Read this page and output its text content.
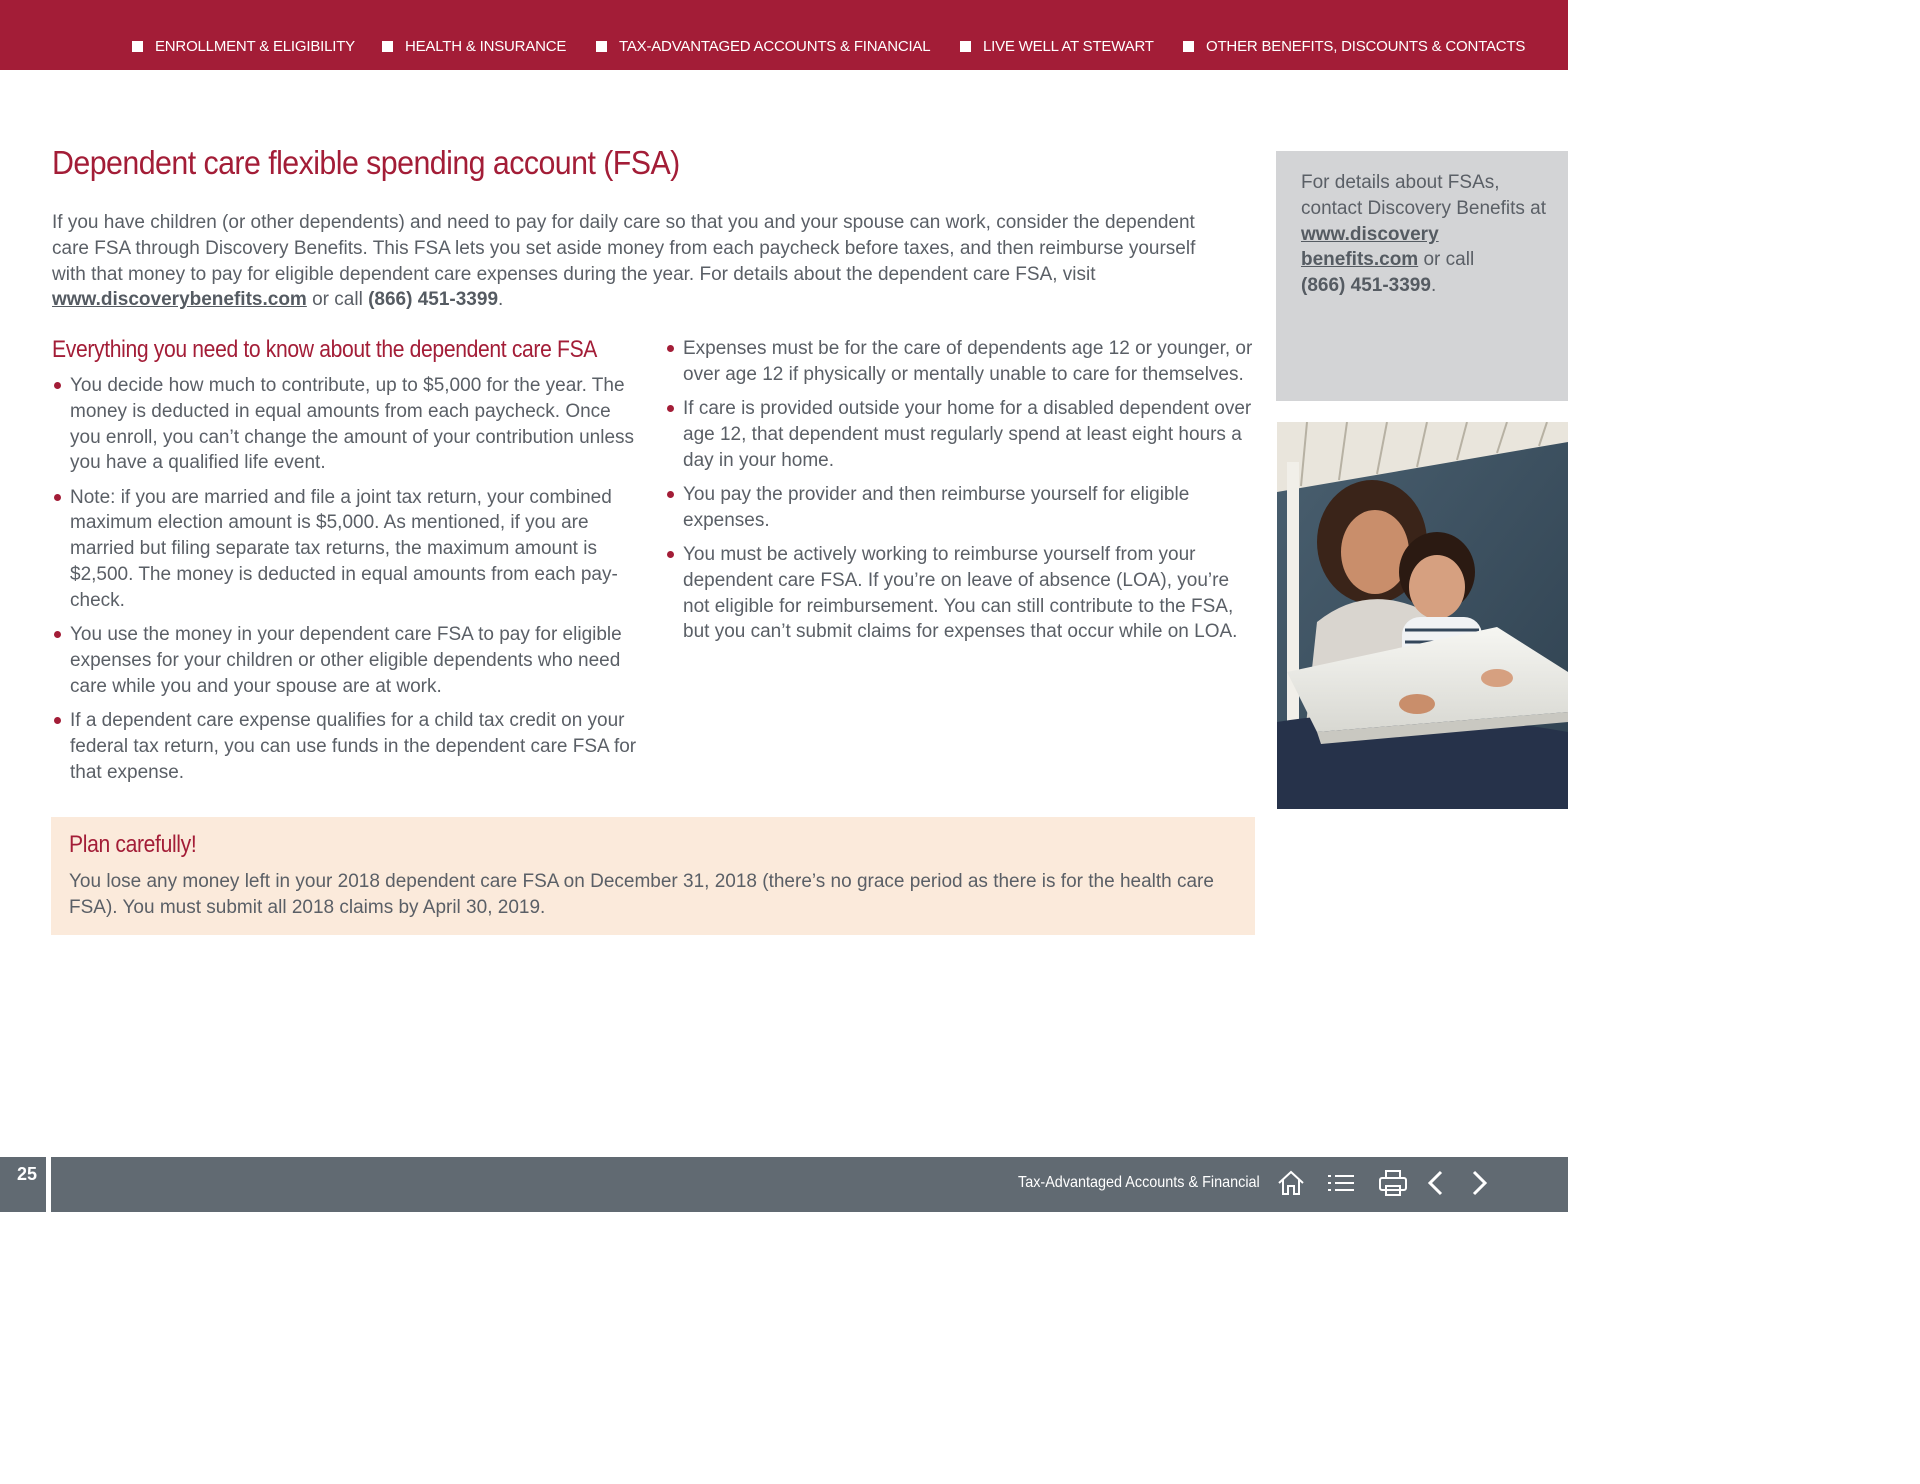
ENROLLMENT & ELIGIBILITY	HEALTH & INSURANCE	TAX-ADVANTAGED ACCOUNTS & FINANCIAL	LIVE WELL AT STEWART	OTHER BENEFITS, DISCOUNTS & CONTACTS
Dependent care flexible spending account (FSA)

If you have children (or other dependents) and need to pay for daily care so that you and your spouse can work, consider the dependent care FSA through Discovery Benefits. This FSA lets you set aside money from each paycheck before taxes, and then reimburse yourself with that money to pay for eligible dependent care expenses during the year. For details about the dependent care FSA, visit www.discoverybenefits.com or call (866) 451-3399.

Everything you need to know about the dependent care FSA
You decide how much to contribute, up to $5,000 for the year. The money is deducted in equal amounts from each paycheck. Once you enroll, you can’t change the amount of your contribution unless you have a qualified life event.
Note: if you are married and file a joint tax return, your combined maximum election amount is $5,000. As mentioned, if you are married but filing separate tax returns, the maximum amount is $2,500. The money is deducted in equal amounts from each pay-check.
You use the money in your dependent care FSA to pay for eligible expenses for your children or other eligible dependents who need care while you and your spouse are at work.
If a dependent care expense qualifies for a child tax credit on your federal tax return, you can use funds in the dependent care FSA for that expense.
Expenses must be for the care of dependents age 12 or younger, or over age 12 if physically or mentally unable to care for themselves.
If care is provided outside your home for a disabled dependent over age 12, that dependent must regularly spend at least eight hours a day in your home.
You pay the provider and then reimburse yourself for eligible expenses.
You must be actively working to reimburse yourself from your dependent care FSA. If you’re on leave of absence (LOA), you’re not eligible for reimbursement. You can still contribute to the FSA, but you can’t submit claims for expenses that occur while on LOA.
Plan carefully!

You lose any money left in your 2018 dependent care FSA on December 31, 2018 (there’s no grace period as there is for the health care FSA). You must submit all 2018 claims by April 30, 2019.

For details about FSAs, contact Discovery Benefits at www.discovery
benefits.com or call
(866) 451-3399.
25	Tax-Advantaged Accounts & Financial
